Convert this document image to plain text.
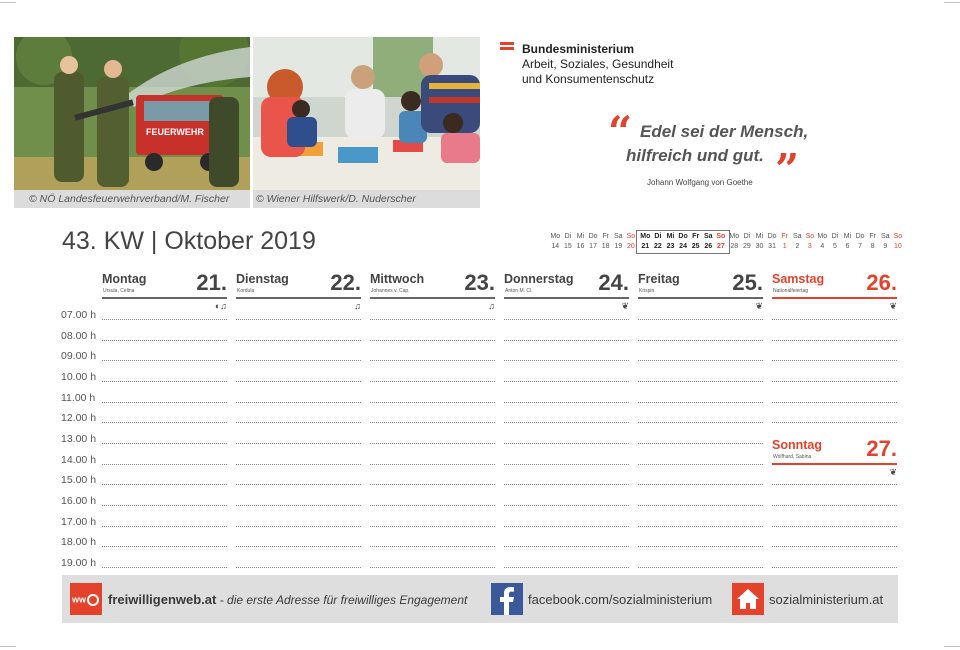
FEUERWEHR
© NÖ Landesfeuerwehrverband/M. Fischer	© Wiener Hilfswerk/D. Nuderscher
Bundesministerium
Arbeit, Soziales, Gesundheit
und Konsumentenschutz
“ Edel sei der Mensch,
hilfreich und gut. ”
Johann Wolfgang von Goethe
43. KW | Oktober 2019	Mo Di Mi Do Fr Sa So
14 15 16 17 18 19 20
Mo Di Mi Do Fr Sa So
21 22 23 24 25 26 27
Mo Di Mi Do Fr Sa So
28 29 30 31 1	2	3
Mo Di Mi Do Fr Sa So
4	5	6	7	8	9 10
07.00 h
08.00 h
09.00 h
10.00 h
11.00 h
12.00 h
13.00 h
14.00 h
15.00 h
16.00 h
17.00 h
18.00 h
19.00 h
Montag 21.
Ursula, Celina
◐♫
Dienstag 22.
Kordula
♫
Mittwoch 23.
Johannes v. Cap.
♫
Donnerstag 24.
Anton M. Cl.
❦
Freitag 25.
Krispin
❦
Samstag 26.
Nationalfeiertag
❦
Sonntag 27.
Wolfhard, Sabina
❦
ww	freiwilligenweb.at - die erste Adresse für freiwilliges Engagement	facebook.com/sozialministerium	sozialministerium.at
